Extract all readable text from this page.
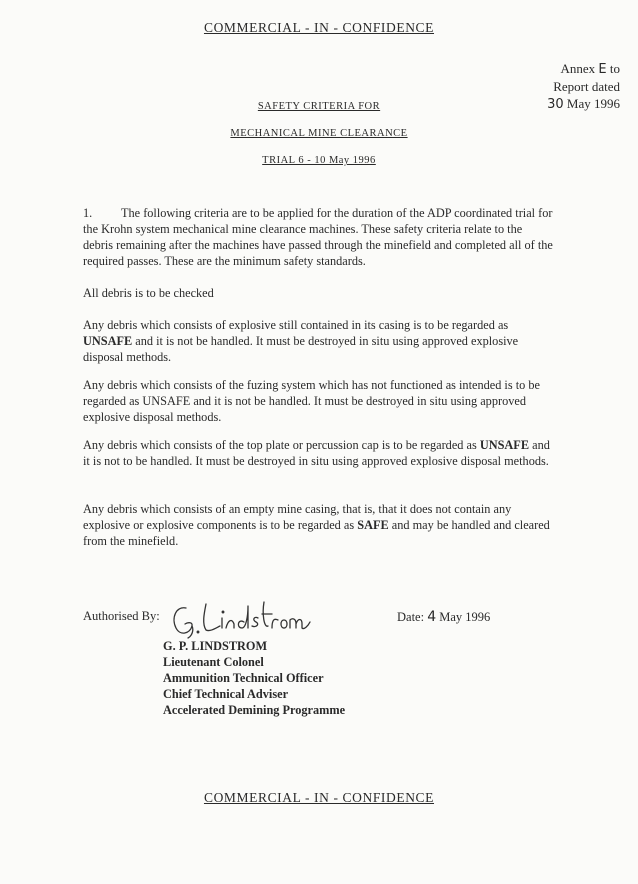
COMMERCIAL - IN - CONFIDENCE
Annex E to
Report dated
30 May 1996
SAFETY CRITERIA FOR
MECHANICAL MINE CLEARANCE
TRIAL 6 - 10 May 1996
1. The following criteria are to be applied for the duration of the ADP coordinated trial for the Krohn system mechanical mine clearance machines. These safety criteria relate to the debris remaining after the machines have passed through the minefield and completed all of the required passes. These are the minimum safety standards.
All debris is to be checked
Any debris which consists of explosive still contained in its casing is to be regarded as UNSAFE and it is not be handled. It must be destroyed in situ using approved explosive disposal methods.
Any debris which consists of the fuzing system which has not functioned as intended is to be regarded as UNSAFE and it is not be handled. It must be destroyed in situ using approved explosive disposal methods.
Any debris which consists of the top plate or percussion cap is to be regarded as UNSAFE and it is not to be handled. It must be destroyed in situ using approved explosive disposal methods.
Any debris which consists of an empty mine casing, that is, that it does not contain any explosive or explosive components is to be regarded as SAFE and may be handled and cleared from the minefield.
Authorised By:	Date: 4 May 1996
G. P. LINDSTROM
Lieutenant Colonel
Ammunition Technical Officer
Chief Technical Adviser
Accelerated Demining Programme
COMMERCIAL - IN - CONFIDENCE
